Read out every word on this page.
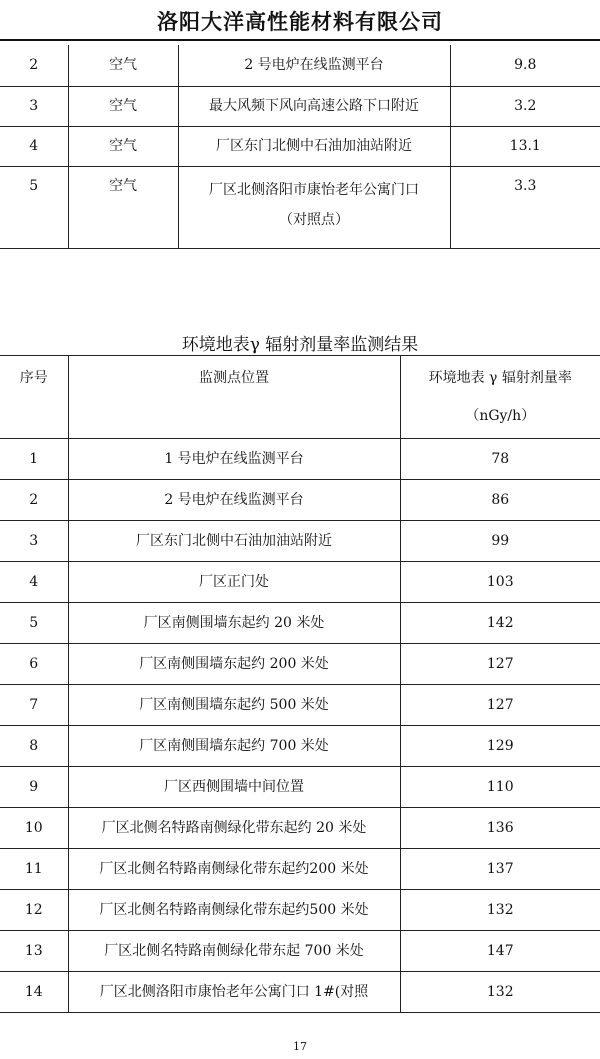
洛阳大洋高性能材料有限公司
2	空气	2 号电炉在线监测平台	9.8
3	空气	最大风频下风向高速公路下口附近	3.2
4	空气	厂区东门北侧中石油加油站附近	13.1
5	空气	厂区北侧洛阳市康怡老年公寓门口
（对照点）	3.3
环境地表γ 辐射剂量率监测结果
序号	监测点位置	环境地表 γ 辐射剂量率
（nGy/h）

1	1 号电炉在线监测平台	78
2	2 号电炉在线监测平台	86
3	厂区东门北侧中石油加油站附近	99
4	厂区正门处	103
5	厂区南侧围墙东起约 20 米处	142
6	厂区南侧围墙东起约 200 米处	127
7	厂区南侧围墙东起约 500 米处	127
8	厂区南侧围墙东起约 700 米处	129
9	厂区西侧围墙中间位置	110
10	厂区北侧名特路南侧绿化带东起约 20 米处	136
11	厂区北侧名特路南侧绿化带东起约200 米处	137
12	厂区北侧名特路南侧绿化带东起约500 米处	132
13	厂区北侧名特路南侧绿化带东起 700 米处	147
14	厂区北侧洛阳市康怡老年公寓门口 1#(对照	132
17
